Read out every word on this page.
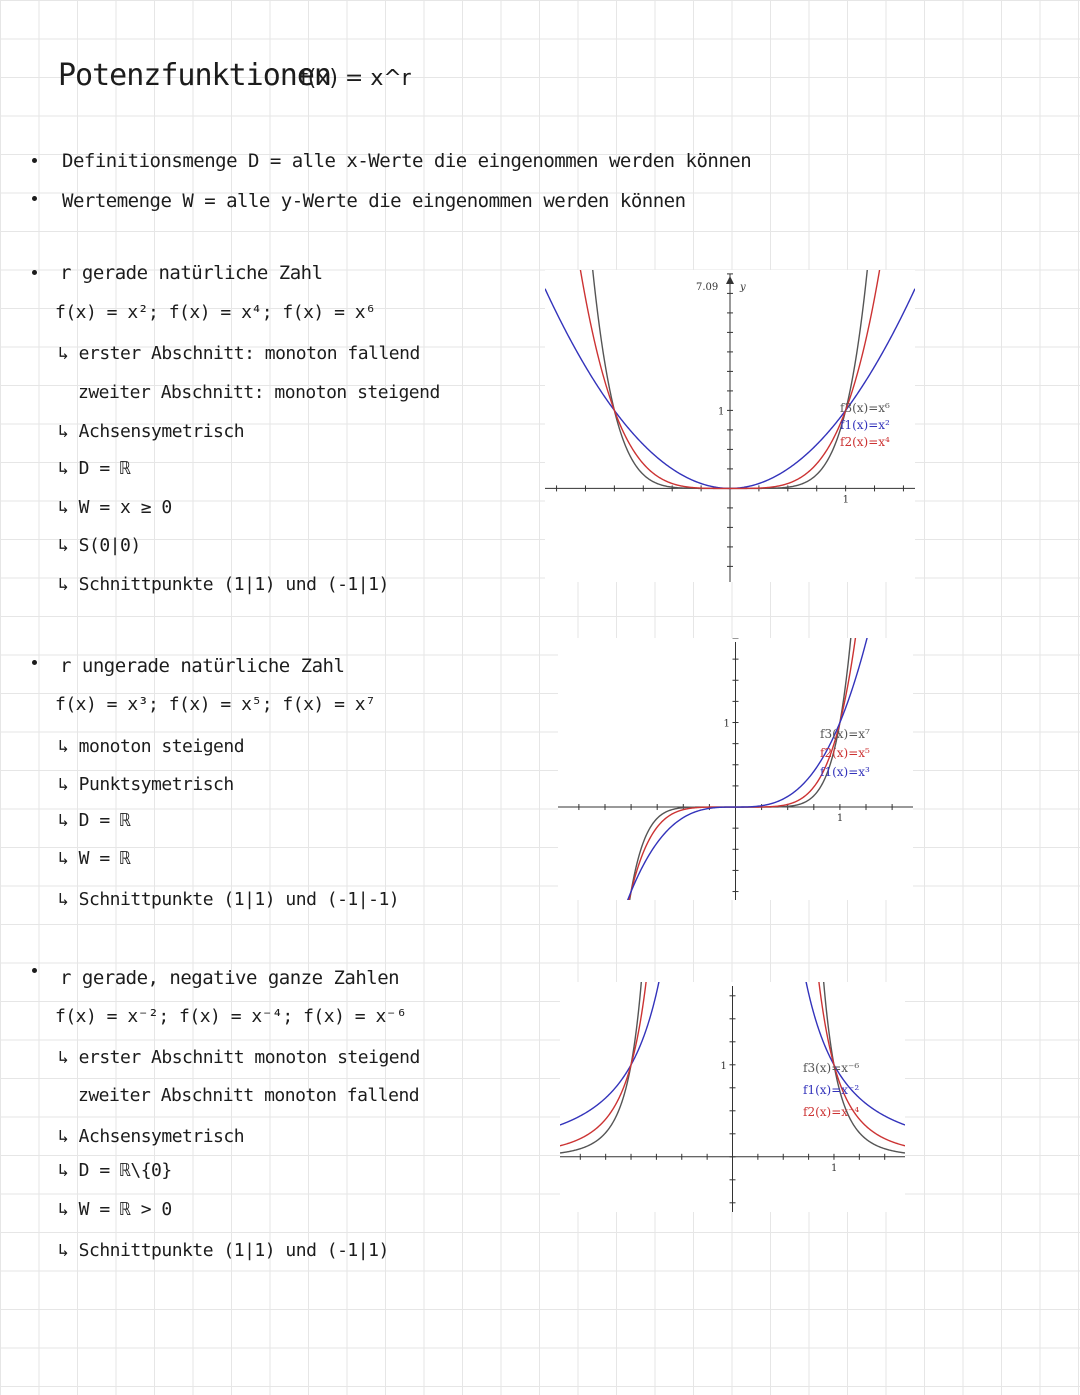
Potenzfunktionen
f(x) = x^r
Definitionsmenge D = alle x-Werte die eingenommen werden können
Wertemenge W = alle y-Werte die eingenommen werden können
r gerade natürliche Zahl
f(x) = x²; f(x) = x⁴; f(x) = x⁶
↳ erster Abschnitt: monoton fallend
zweiter Abschnitt: monoton steigend
↳ Achsensymetrisch
↳ D = ℝ
↳ W = x ≥ 0
↳ S(0|0)
↳ Schnittpunkte (1|1) und (-1|1)
r ungerade natürliche Zahl
f(x) = x³; f(x) = x⁵; f(x) = x⁷
↳ monoton steigend
↳ Punktsymetrisch
↳ D = ℝ
↳ W = ℝ
↳ Schnittpunkte (1|1) und (-1|-1)
r gerade, negative ganze Zahlen
f(x) = x⁻²; f(x) = x⁻⁴; f(x) = x⁻⁶
↳ erster Abschnitt monoton steigend
zweiter Abschnitt monoton fallend
↳ Achsensymetrisch
↳ D = ℝ\{0}
↳ W = ℝ > 0
↳ Schnittpunkte (1|1) und (-1|1)
7.09 y
1
1	f3(x)=x⁶
f1(x)=x²
f2(x)=x⁴
1
1
f3(x)=x⁷
f2(x)=x⁵
f1(x)=x³
1
1	f3(x)=x⁻⁶
f1(x)=x⁻²
f2(x)=x⁻⁴
